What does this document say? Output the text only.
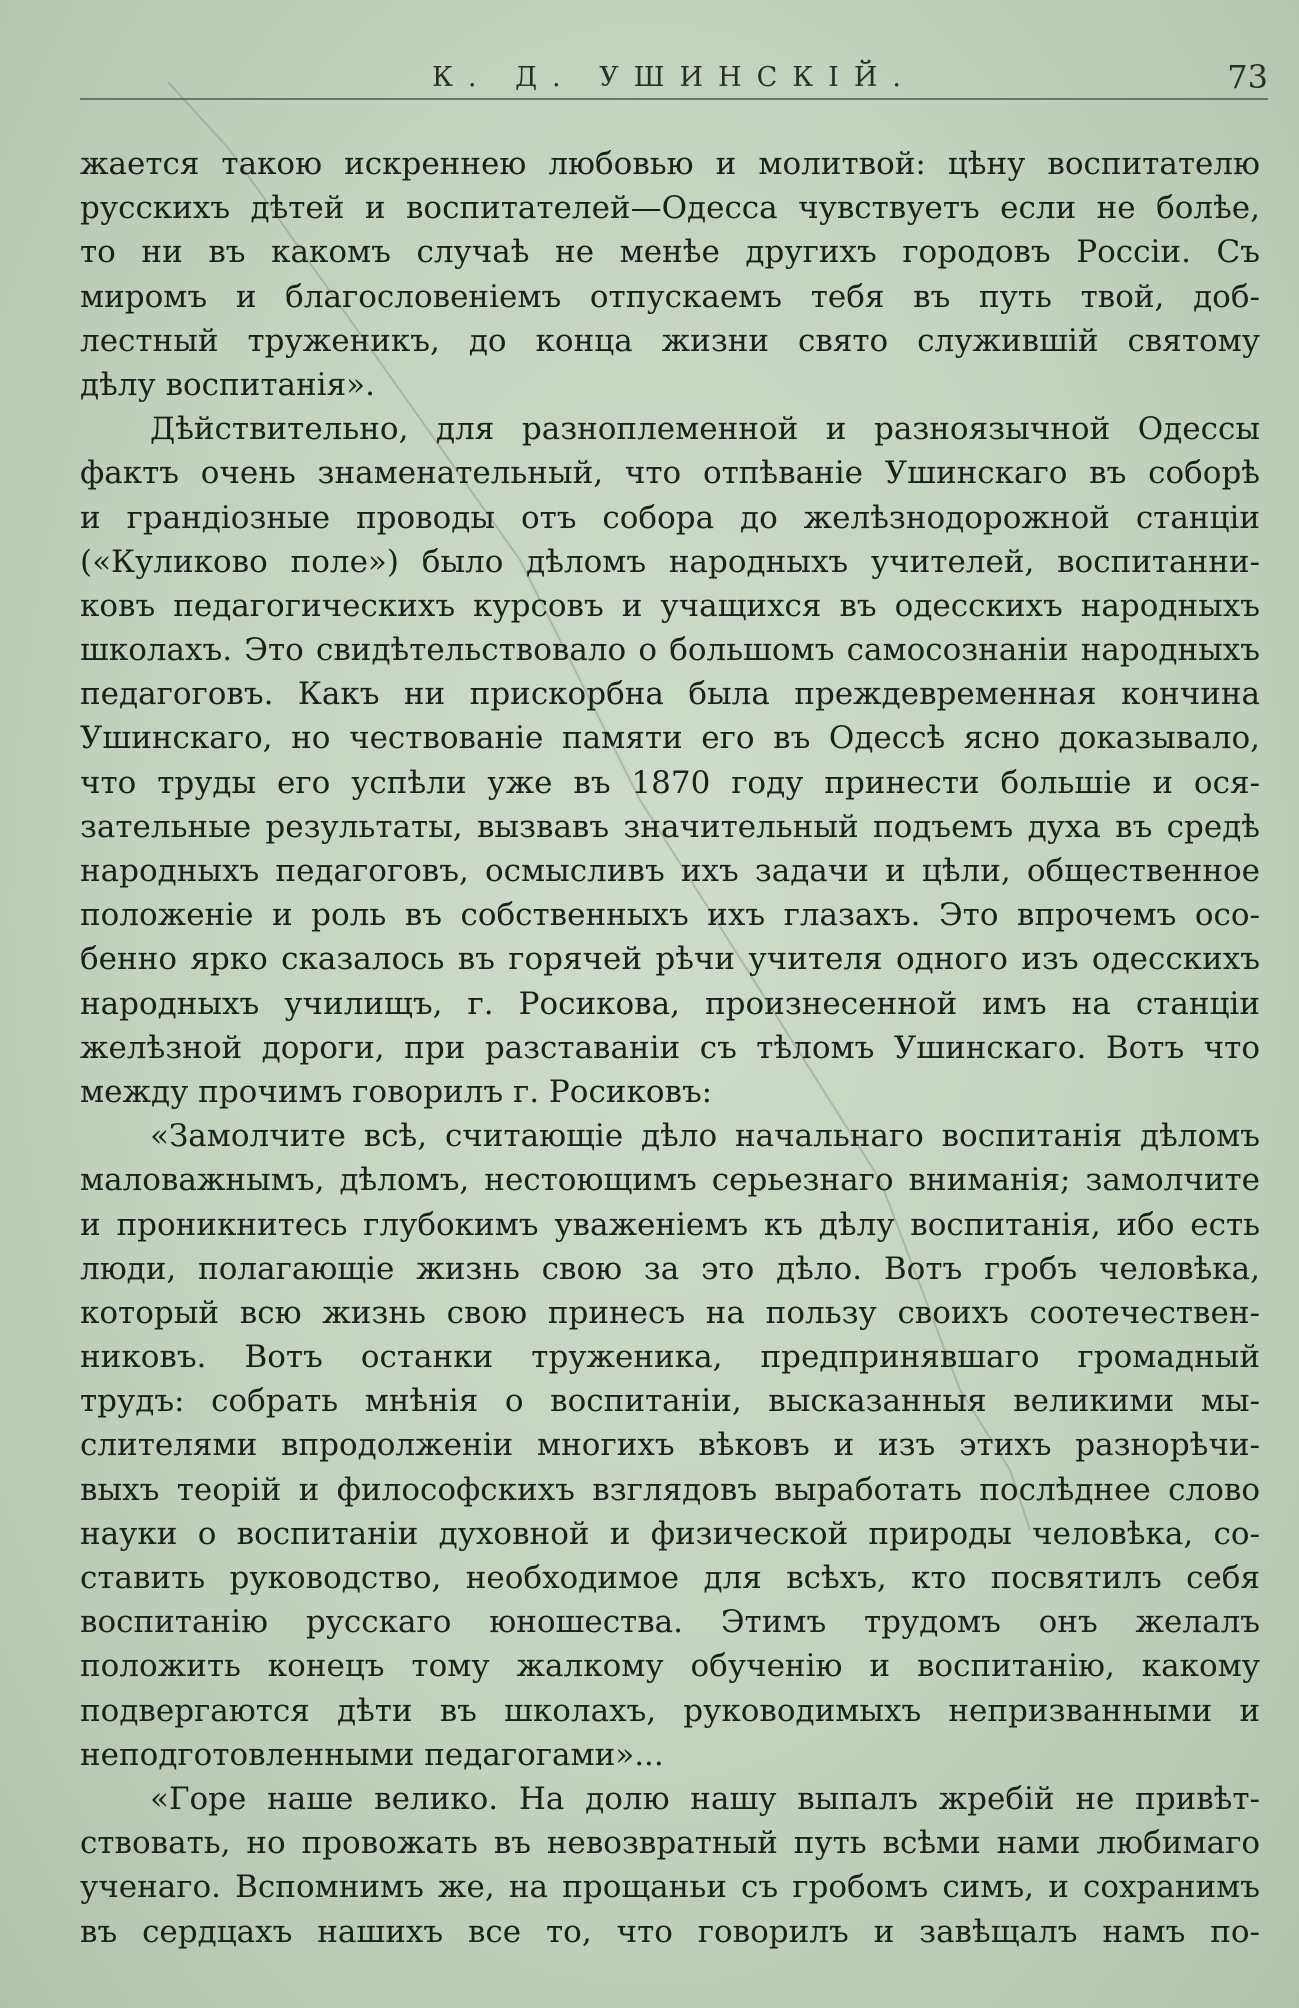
К. Д. УШИНСКІЙ.	73
жается такою искреннею любовью и молитвой: цѣну воспитателю
русскихъ дѣтей и воспитателей—Одесса чувствуетъ если не болѣе,
то ни въ какомъ случаѣ не менѣе другихъ городовъ Россіи. Съ
миромъ и благословеніемъ отпускаемъ тебя въ путь твой, доб-
лестный труженикъ, до конца жизни свято служившій святому
дѣлу воспитанія».
Дѣйствительно, для разноплеменной и разноязычной Одессы
фактъ очень знаменательный, что отпѣваніе Ушинскаго въ соборѣ
и грандіозные проводы отъ собора до желѣзнодорожной станціи
(«Куликово поле») было дѣломъ народныхъ учителей, воспитанни-
ковъ педагогическихъ курсовъ и учащихся въ одесскихъ народныхъ
школахъ. Это свидѣтельствовало о большомъ самосознаніи народныхъ
педагоговъ. Какъ ни прискорбна была преждевременная кончина
Ушинскаго, но чествованіе памяти его въ Одессѣ ясно доказывало,
что труды его успѣли уже въ 1870 году принести большіе и ося-
зательные результаты, вызвавъ значительный подъемъ духа въ средѣ
народныхъ педагоговъ, осмысливъ ихъ задачи и цѣли, общественное
положеніе и роль въ собственныхъ ихъ глазахъ. Это впрочемъ осо-
бенно ярко сказалось въ горячей рѣчи учителя одного изъ одесскихъ
народныхъ училищъ, г. Росикова, произнесенной имъ на станціи
желѣзной дороги, при разставаніи съ тѣломъ Ушинскаго. Вотъ что
между прочимъ говорилъ г. Росиковъ:
«Замолчите всѣ, считающіе дѣло начальнаго воспитанія дѣломъ
маловажнымъ, дѣломъ, нестоющимъ серьезнаго вниманія; замолчите
и проникнитесь глубокимъ уваженіемъ къ дѣлу воспитанія, ибо есть
люди, полагающіе жизнь свою за это дѣло. Вотъ гробъ человѣка,
который всю жизнь свою принесъ на пользу своихъ соотечествен-
никовъ. Вотъ останки труженика, предпринявшаго громадный
трудъ: собрать мнѣнія о воспитаніи, высказанныя великими мы-
слителями впродолженіи многихъ вѣковъ и изъ этихъ разнорѣчи-
выхъ теорій и философскихъ взглядовъ выработать послѣднее слово
науки о воспитаніи духовной и физической природы человѣка, со-
ставить руководство, необходимое для всѣхъ, кто посвятилъ себя
воспитанію русскаго юношества. Этимъ трудомъ онъ желалъ
положить конецъ тому жалкому обученію и воспитанію, какому
подвергаются дѣти въ школахъ, руководимыхъ непризванными и
неподготовленными педагогами»...
«Горе наше велико. На долю нашу выпалъ жребій не привѣт-
ствовать, но провожать въ невозвратный путь всѣми нами любимаго
ученаго. Вспомнимъ же, на прощаньи съ гробомъ симъ, и сохранимъ
въ сердцахъ нашихъ все то, что говорилъ и завѣщалъ намъ по-
